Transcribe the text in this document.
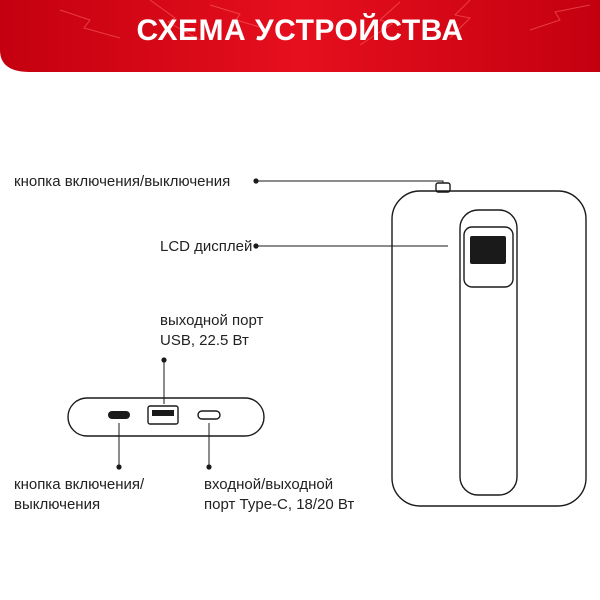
СХЕМА УСТРОЙСТВА
кнопка включения/выключения
LCD дисплей
выходной порт
USB, 22.5 Вт
кнопка включения/
выключения
входной/выходной
порт Type-C, 18/20 Вт
